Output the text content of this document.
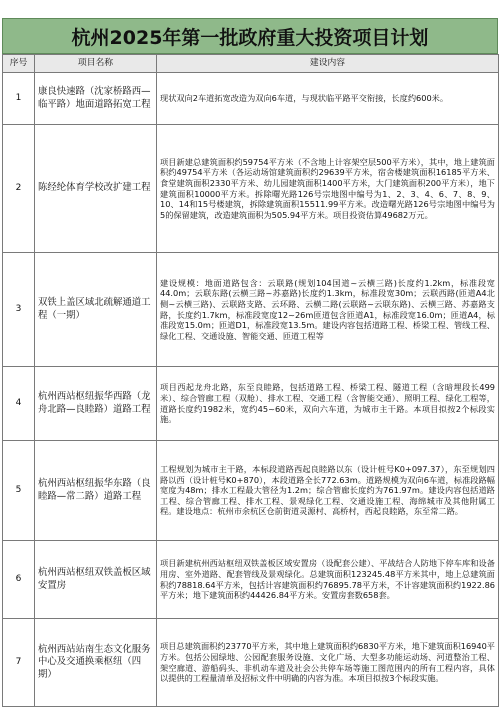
杭州2025年第一批政府重大投资项目计划
序号	项目名称	建设内容
1	康良快速路（沈家桥路西—临平路）地面道路拓宽工程	现状双向2车道拓宽改造为双向6车道，与现状临平路平交衔接，长度约600米。
2	陈经纶体育学校改扩建工程	项目新建总建筑面积约59754平方米（不含地上计容架空层500平方米），其中，地上建筑面积约49754平方米（各运动场馆建筑面积约29639平方米，宿舍楼建筑面积16185平方米、食堂建筑面积2330平方米、幼儿园建筑面积1400平方米，大门建筑面积200平方米），地下建筑面积10000平方米。拆除曙光路126号宗地图中编号为1、2、3、4、6、7、8、9、10、14和15号楼建筑，拆除建筑面积15511.99平方米。改造曙光路126号宗地图中编号为5的保留建筑，改造建筑面积为505.94平方米。项目投资估算49682万元。
3	双铁上盖区域北疏解通道工程（一期）	建设规模：地面道路包含：云联路(规划104国道~云横三路)长度约1.2km，标准段宽44.0m；云联东路(云横三路~苏嘉路)长度约1.3km，标准段宽30m；云联西路(匝道A4北侧~云横三路)、云联路支路、云环路、云横二路(云联路~云联东路)、云横三路、苏嘉路支路，长度约1.7km，标准段宽度12~26m匝道包含匝道A1，标准段宽16.0m；匝道A4，标准段宽15.0m；匝道D1，标准段宽13.5m。建设内容包括道路工程、桥梁工程、管线工程、绿化工程、交通设施、智能交通、匝道工程等
4	杭州西站枢纽振华西路（龙舟北路—良睦路）道路工程	项目西起龙舟北路，东至良睦路，包括道路工程、桥梁工程、隧道工程（含暗埋段长499米）、综合管廊工程（双舱）、排水工程、交通工程（含智能交通）、照明工程、绿化工程等，道路长度约1982米，宽约45~60米，双向六车道，为城市主干路。本项目拟按2个标段实施。
5	杭州西站枢纽振华东路（良睦路—常二路）道路工程	工程规划为城市主干路，本标段道路西起良睦路以东（设计桩号K0+097.37），东至规划四路以西（设计桩号K0+870），本段道路全长772.63m。道路规模为双向6车道，标准段路幅宽度为48m；排水工程最大管径为1.2m；综合管廊长度约为761.97m。建设内容包括道路工程、综合管廊工程、排水工程、景观绿化工程、交通设施工程、海绵城市及其他附属工程。建设地点：杭州市余杭区仓前街道灵源村、高桥村，西起良睦路，东至常二路。
6	杭州西站枢纽双铁盖板区域安置房	项目新建杭州西站枢纽双铁盖板区域安置房（设配套公建）、平战结合人防地下停车库和设备用房、室外道路、配套管线及景观绿化。总建筑面积123245.48平方米其中，地上总建筑面积约78818.64平方米，包括计容建筑面积约76895.78平方米，不计容建筑面积约1922.86平方米；地下建筑面积约44426.84平方米。安置房套数658套。
7	杭州西站站南生态文化服务中心及交通换乘枢纽（四期）	项目总建筑面积约23770平方米，其中地上建筑面积约6830平方米，地下建筑面积16940平方米。包括公园绿地、公园配套服务设施、文化广场、大型多功能运动场、河道整治工程、架空廊道、游船码头、非机动车道及社会公共停车场等施工图范围内的所有工程内容，具体以提供的工程量清单及招标文件中明确的内容为准。本项目拟按3个标段实施。
